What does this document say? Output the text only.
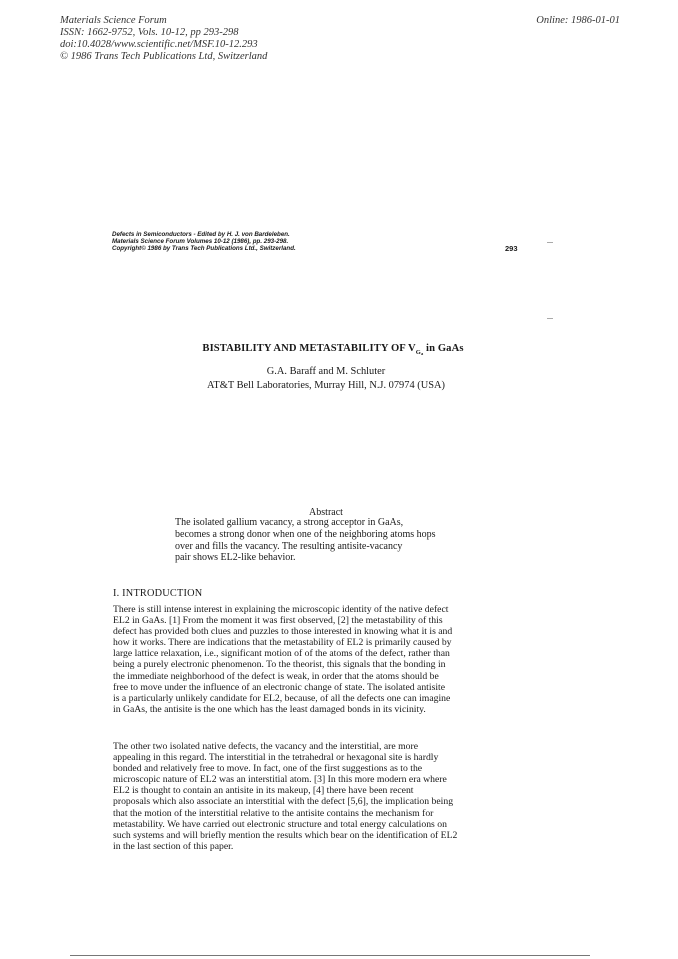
Materials Science Forum
ISSN: 1662-9752, Vols. 10-12, pp 293-298
doi:10.4028/www.scientific.net/MSF.10-12.293
© 1986 Trans Tech Publications Ltd, Switzerland
Online: 1986-01-01
Defects in Semiconductors - Edited by H. J. von Bardeleben.
Materials Science Forum Volumes 10-12 (1986), pp. 293-298.
Copyright© 1986 by Trans Tech Publications Ltd., Switzerland.	293
BISTABILITY AND METASTABILITY OF $V_{G_a}$ in GaAs
G.A. Baraff and M. Schluter
AT&T Bell Laboratories, Murray Hill, N.J. 07974 (USA)
Abstract
The isolated gallium vacancy, a strong acceptor in GaAs,
becomes a strong donor when one of the neighboring atoms hops
over and fills the vacancy. The resulting antisite-vacancy
pair shows EL2-like behavior.
I. INTRODUCTION
There is still intense interest in explaining the microscopic identity of the native defect
EL2 in GaAs. [1] From the moment it was first observed, [2] the metastability of this
defect has provided both clues and puzzles to those interested in knowing what it is and
how it works. There are indications that the metastability of EL2 is primarily caused by
large lattice relaxation, i.e., significant motion of of the atoms of the defect, rather than
being a purely electronic phenomenon. To the theorist, this signals that the bonding in
the immediate neighborhood of the defect is weak, in order that the atoms should be
free to move under the influence of an electronic change of state. The isolated antisite
is a particularly unlikely candidate for EL2, because, of all the defects one can imagine
in GaAs, the antisite is the one which has the least damaged bonds in its vicinity.
The other two isolated native defects, the vacancy and the interstitial, are more
appealing in this regard. The interstitial in the tetrahedral or hexagonal site is hardly
bonded and relatively free to move. In fact, one of the first suggestions as to the
microscopic nature of EL2 was an interstitial atom. [3] In this more modern era where
EL2 is thought to contain an antisite in its makeup, [4] there have been recent
proposals which also associate an interstitial with the defect [5,6], the implication being
that the motion of the interstitial relative to the antisite contains the mechanism for
metastability. We have carried out electronic structure and total energy calculations on
such systems and will briefly mention the results which bear on the identification of EL2
in the last section of this paper.
